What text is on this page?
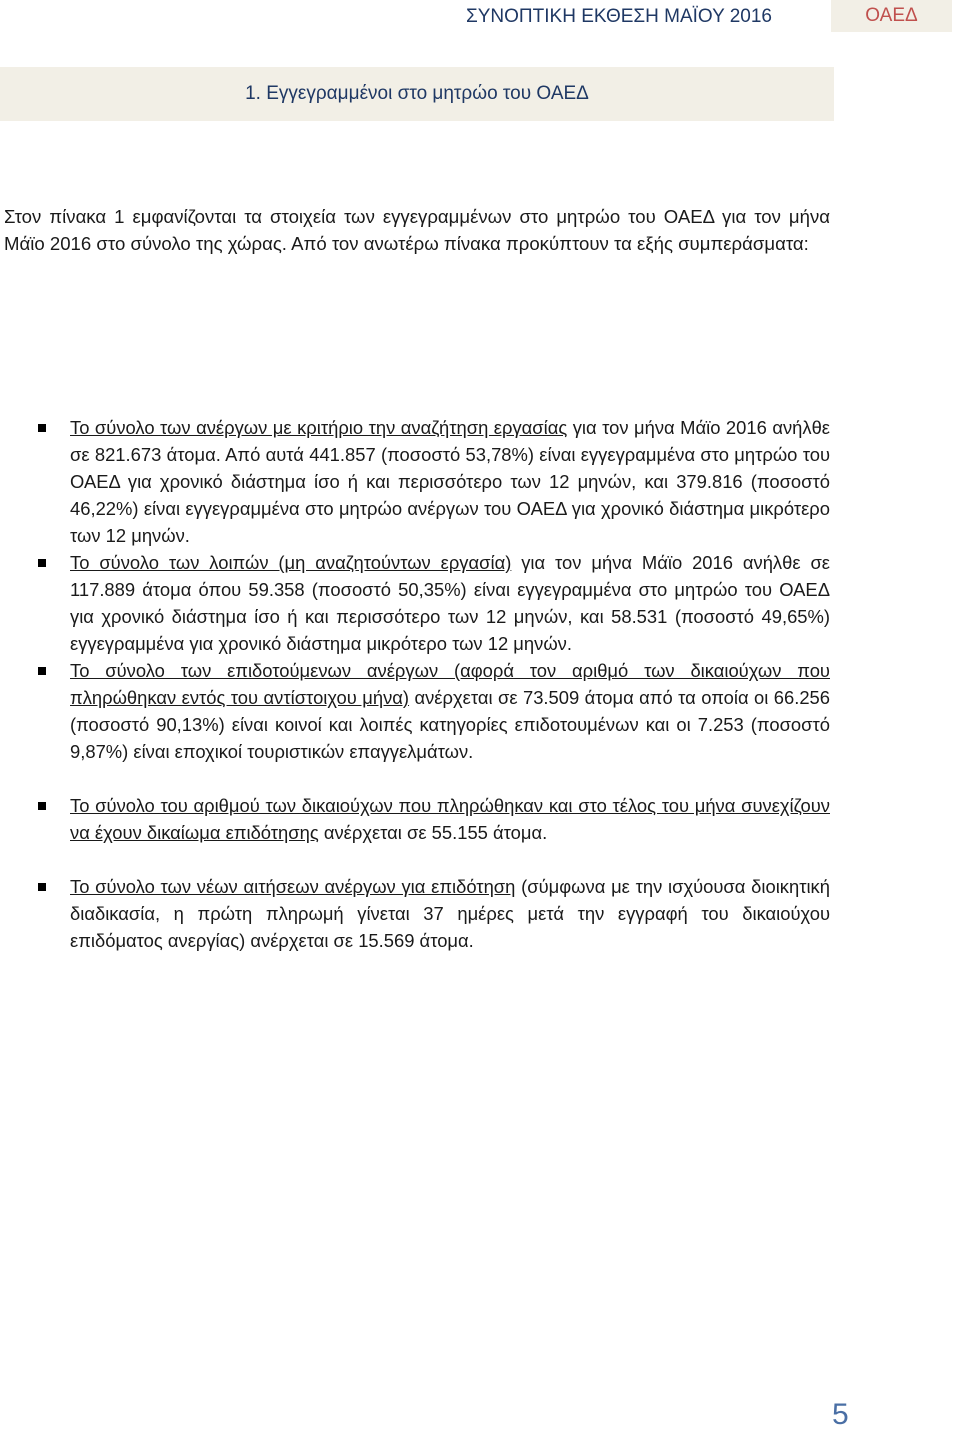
ΣΥΝΟΠΤΙΚΗ ΕΚΘΕΣΗ ΜΑΪΟΥ 2016	ΟΑΕΔ
1. Εγγεγραμμένοι στο μητρώο του ΟΑΕΔ

Στον πίνακα 1 εμφανίζονται τα στοιχεία των εγγεγραμμένων στο μητρώο του ΟΑΕΔ για τον μήνα Μάϊο 2016 στο σύνολο της χώρας. Από τον ανωτέρω πίνακα προκύπτουν τα εξής συμπεράσματα:

Το σύνολο των ανέργων με κριτήριο την αναζήτηση εργασίας για τον μήνα Μάϊο 2016 ανήλθε σε 821.673 άτομα. Από αυτά 441.857 (ποσοστό 53,78%) είναι εγγεγραμμένα στο μητρώο του ΟΑΕΔ για χρονικό διάστημα ίσο ή και περισσότερο των 12 μηνών, και 379.816 (ποσοστό 46,22%) είναι εγγεγραμμένα στο μητρώο ανέργων του ΟΑΕΔ για χρονικό διάστημα μικρότερο των 12 μηνών.
Το σύνολο των λοιπών (μη αναζητούντων εργασία) για τον μήνα Μάϊο 2016 ανήλθε σε 117.889 άτομα όπου 59.358 (ποσοστό 50,35%) είναι εγγεγραμμένα στο μητρώο του ΟΑΕΔ για χρονικό διάστημα ίσο ή και περισσότερο των 12 μηνών, και 58.531 (ποσοστό 49,65%) εγγεγραμμένα για χρονικό διάστημα μικρότερο των 12 μηνών.
Το σύνολο των επιδοτούμενων ανέργων (αφορά τον αριθμό των δικαιούχων που πληρώθηκαν εντός του αντίστοιχου μήνα) ανέρχεται σε 73.509 άτομα από τα οποία οι 66.256 (ποσοστό 90,13%) είναι κοινοί και λοιπές κατηγορίες επιδοτουμένων και οι 7.253 (ποσοστό 9,87%) είναι εποχικοί τουριστικών επαγγελμάτων.
Το σύνολο του αριθμού των δικαιούχων που πληρώθηκαν και στο τέλος του μήνα συνεχίζουν να έχουν δικαίωμα επιδότησης ανέρχεται σε 55.155 άτομα.
Το σύνολο των νέων αιτήσεων ανέργων για επιδότηση (σύμφωνα με την ισχύουσα διοικητική διαδικασία, η πρώτη πληρωμή γίνεται 37 ημέρες μετά την εγγραφή του δικαιούχου επιδόματος ανεργίας) ανέρχεται σε 15.569 άτομα.
5
